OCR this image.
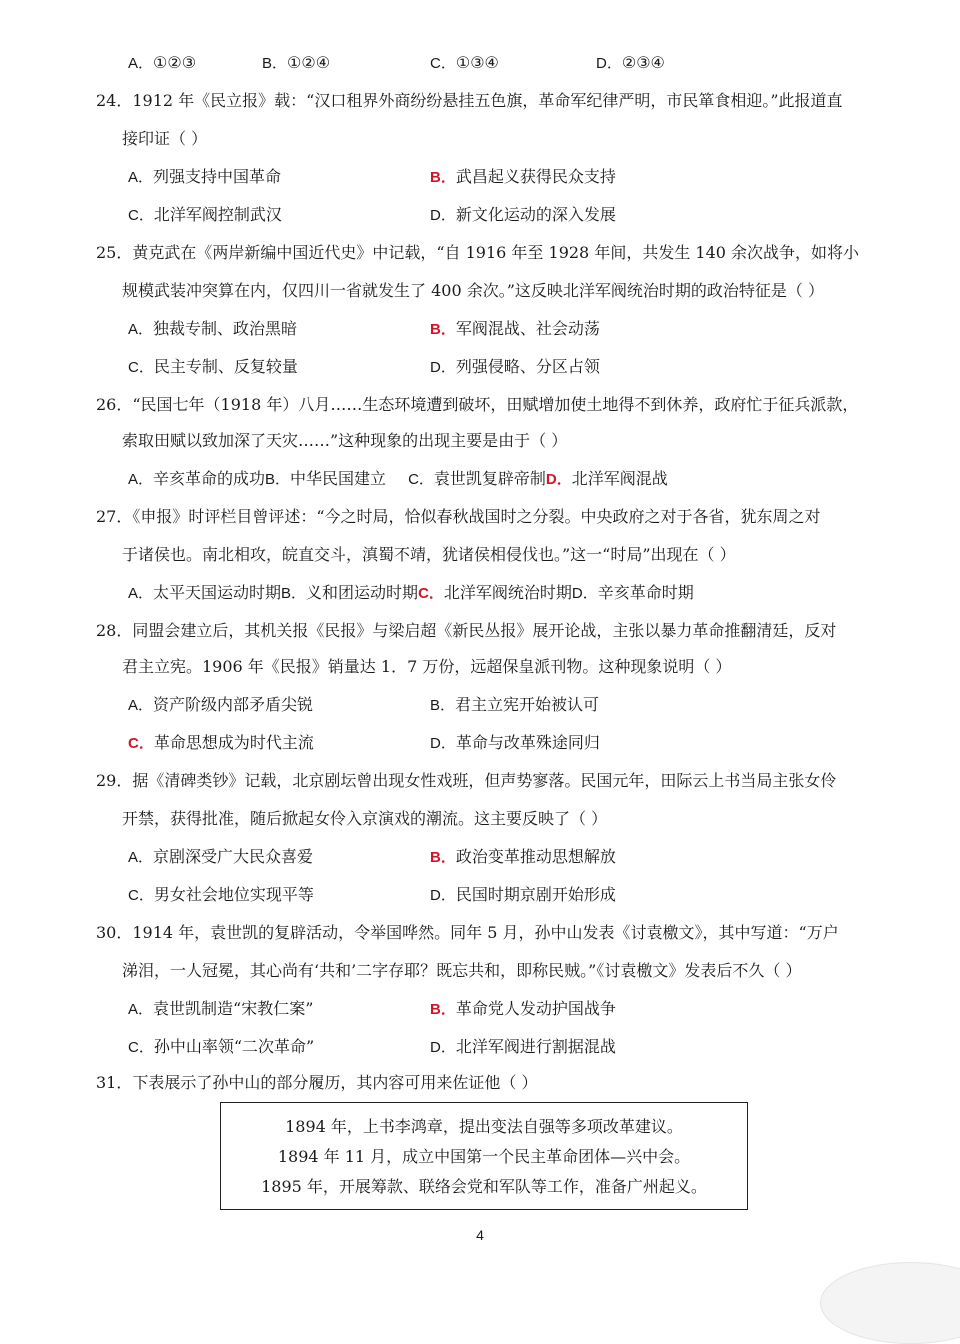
A．①②③	B．①②④	C．①③④	D．②③④
24．1912 年《民立报》载：“汉口租界外商纷纷悬挂五色旗，革命军纪律严明，市民箪食相迎。”此报道直
接印证（ ）
A．列强支持中国革命	B．武昌起义获得民众支持
C．北洋军阀控制武汉	D．新文化运动的深入发展
25．黄克武在《两岸新编中国近代史》中记载，“自 1916 年至 1928 年间，共发生 140 余次战争，如将小
规模武装冲突算在内，仅四川一省就发生了 400 余次。”这反映北洋军阀统治时期的政治特征是（ ）
A．独裁专制、政治黑暗	B．军阀混战、社会动荡
C．民主专制、反复较量	D．列强侵略、分区占领
26．“民国七年（1918 年）八月……生态环境遭到破坏，田赋增加使土地得不到休养，政府忙于征兵派款，
索取田赋以致加深了天灾……”这种现象的出现主要是由于（ ）
A．辛亥革命的成功B．中华民国建立 C．袁世凯复辟帝制D．北洋军阀混战
27．《申报》时评栏目曾评述：“今之时局，恰似春秋战国时之分裂。中央政府之对于各省，犹东周之对
于诸侯也。南北相攻，皖直交斗，滇蜀不靖，犹诸侯相侵伐也。”这一“时局”出现在（ ）
A．太平天国运动时期B．义和团运动时期C．北洋军阀统治时期D．辛亥革命时期
28．同盟会建立后，其机关报《民报》与梁启超《新民丛报》展开论战，主张以暴力革命推翻清廷，反对
君主立宪。1906 年《民报》销量达 1．7 万份，远超保皇派刊物。这种现象说明（ ）
A．资产阶级内部矛盾尖锐	B．君主立宪开始被认可
C．革命思想成为时代主流	D．革命与改革殊途同归
29．据《清碑类钞》记载，北京剧坛曾出现女性戏班，但声势寥落。民国元年，田际云上书当局主张女伶
开禁，获得批准，随后掀起女伶入京演戏的潮流。这主要反映了（ ）
A．京剧深受广大民众喜爱	B．政治变革推动思想解放
C．男女社会地位实现平等	D．民国时期京剧开始形成
30．1914 年，袁世凯的复辟活动，令举国哗然。同年 5 月，孙中山发表《讨袁檄文》，其中写道：“万户
涕泪，一人冠冕，其心尚有‘共和’二字存耶？既忘共和，即称民贼。”《讨袁檄文》发表后不久（ ）
A．袁世凯制造“宋教仁案”	B．革命党人发动护国战争
C．孙中山率领“二次革命”	D．北洋军阀进行割据混战
31．下表展示了孙中山的部分履历，其内容可用来佐证他（ ）
1894 年，上书李鸿章，提出变法自强等多项改革建议。
1894 年 11 月，成立中国第一个民主革命团体—兴中会。
1895 年，开展筹款、联络会党和军队等工作，准备广州起义。
4
